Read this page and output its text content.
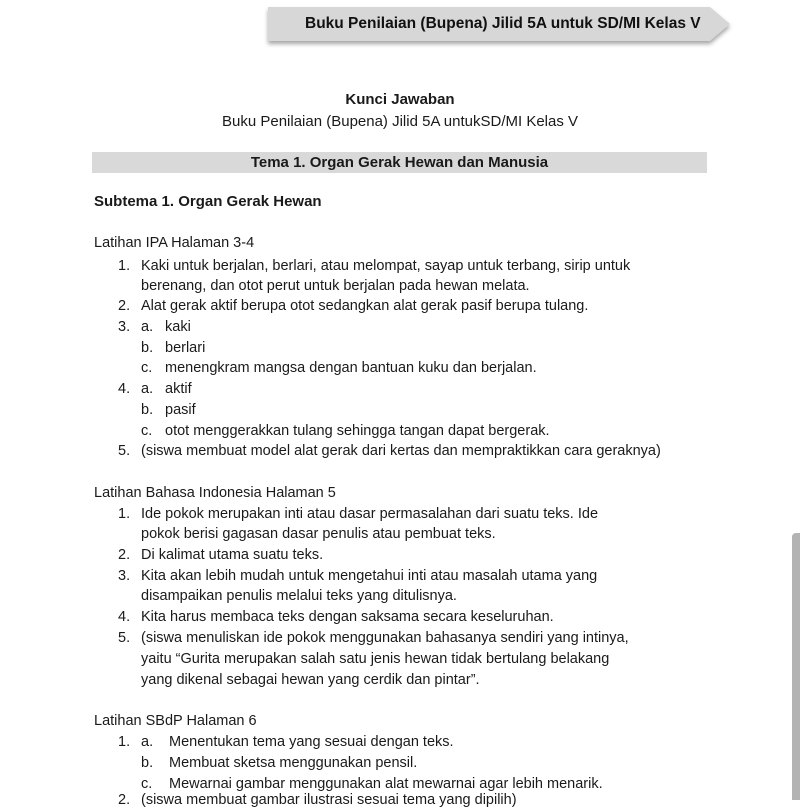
Buku Penilaian (Bupena) Jilid 5A untuk SD/MI Kelas V
Kunci Jawaban
Buku Penilaian (Bupena) Jilid 5A untukSD/MI Kelas V
Tema 1. Organ Gerak Hewan dan Manusia
Subtema 1. Organ Gerak Hewan
Latihan IPA Halaman 3-4
1. Kaki untuk berjalan, berlari, atau melompat, sayap untuk terbang, sirip untuk
berenang, dan otot perut untuk berjalan pada hewan melata.
2. Alat gerak aktif berupa otot sedangkan alat gerak pasif berupa tulang.
3. a. kaki
b. berlari
c. menengkram mangsa dengan bantuan kuku dan berjalan.
4. a. aktif
b. pasif
c. otot menggerakkan tulang sehingga tangan dapat bergerak.
5. (siswa membuat model alat gerak dari kertas dan mempraktikkan cara geraknya)
Latihan Bahasa Indonesia Halaman 5
1. Ide pokok merupakan inti atau dasar permasalahan dari suatu teks. Ide
pokok berisi gagasan dasar penulis atau pembuat teks.
2. Di kalimat utama suatu teks.
3. Kita akan lebih mudah untuk mengetahui inti atau masalah utama yang
disampaikan penulis melalui teks yang ditulisnya.
4. Kita harus membaca teks dengan saksama secara keseluruhan.
5. (siswa menuliskan ide pokok menggunakan bahasanya sendiri yang intinya,
yaitu “Gurita merupakan salah satu jenis hewan tidak bertulang belakang
yang dikenal sebagai hewan yang cerdik dan pintar”.
Latihan SBdP Halaman 6
1. a. Menentukan tema yang sesuai dengan teks.
b. Membuat sketsa menggunakan pensil.
c. Mewarnai gambar menggunakan alat mewarnai agar lebih menarik.
2. (siswa membuat gambar ilustrasi sesuai tema yang dipilih)
